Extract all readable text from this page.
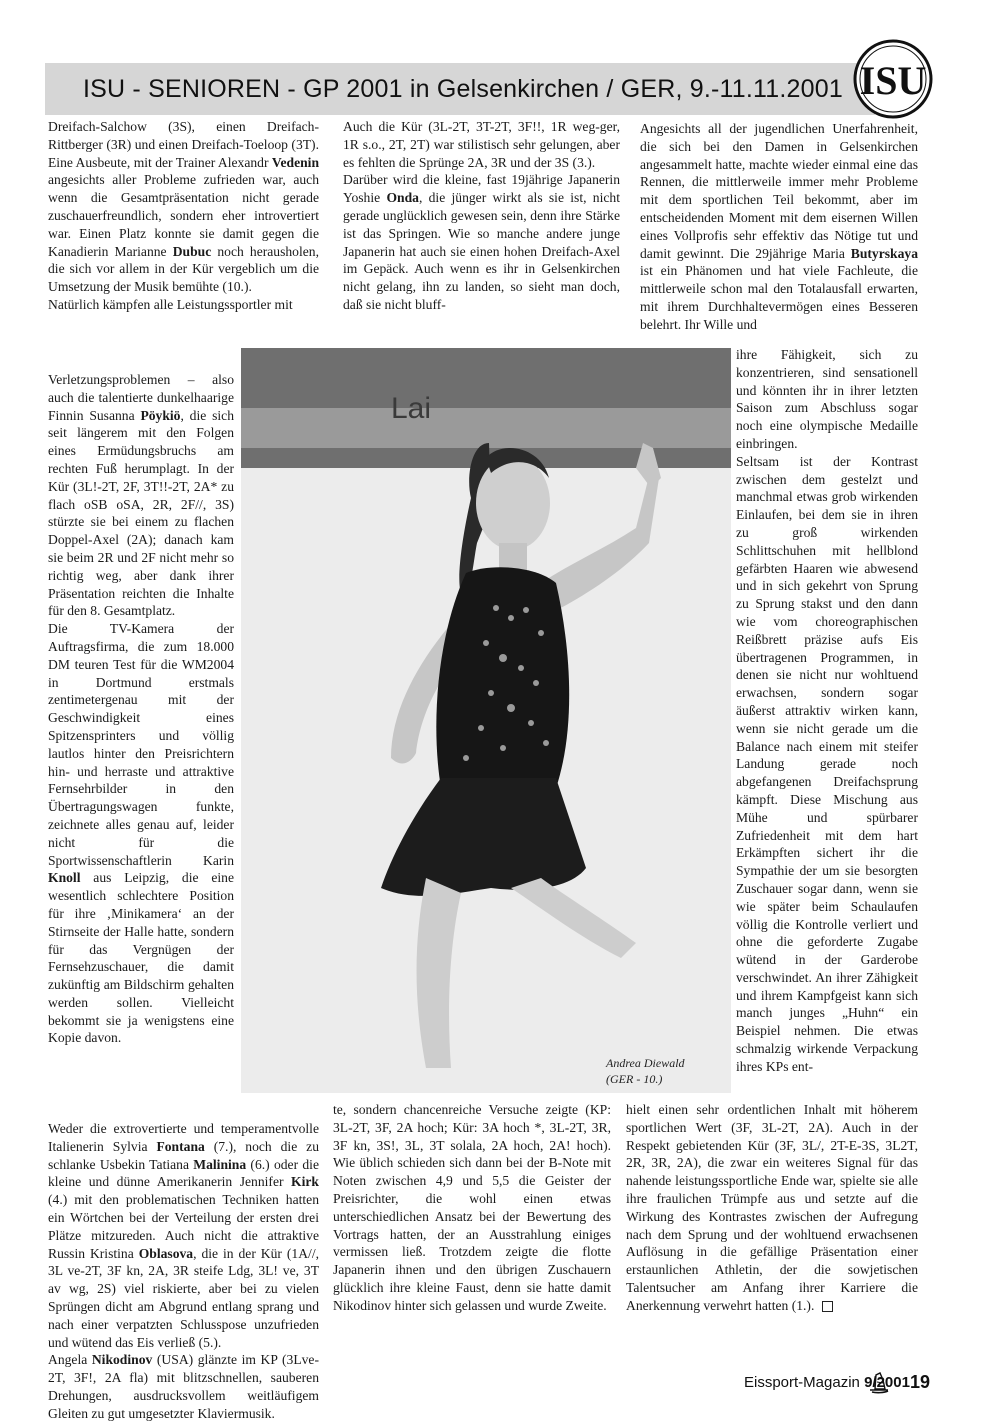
ISU - SENIOREN - GP 2001 in Gelsenkirchen / GER, 9.-11.11.2001 ISU

Dreifach-Salchow (3S), einen Dreifach-Rittberger (3R) und einen Dreifach-Toeloop (3T). Eine Ausbeute, mit der Trainer Alexandr Vedenin angesichts aller Probleme zufrieden war, auch wenn die Gesamtpräsentation nicht gerade zuschauerfreundlich, sondern eher introvertiert war. Einen Platz konnte sie damit gegen die Kanadierin Marianne Dubuc noch herausholen, die sich vor allem in der Kür vergeblich um die Umsetzung der Musik bemühte (10.).

Natürlich kämpfen alle Leistungssportler mit

Verletzungsproblemen – also auch die talentierte dunkelhaarige Finnin Susanna Pöykiö, die sich seit längerem mit den Folgen eines Ermüdungsbruchs am rechten Fuß herumplagt. In der Kür (3L!-2T, 2F, 3T!!-2T, 2A* zu flach oSB oSA, 2R, 2F//, 3S) stürzte sie bei einem zu flachen Doppel-Axel (2A); danach kam sie beim 2R und 2F nicht mehr so richtig weg, aber dank ihrer Präsentation reichten die Inhalte für den 8. Gesamtplatz.

Die TV-Kamera der Auftragsfirma, die zum 18.000 DM teuren Test für die WM2004 in Dortmund erstmals zentimetergenau mit der Geschwindigkeit eines Spitzensprinters und völlig lautlos hinter den Preisrichtern hin- und herraste und attraktive Fernsehrbilder in den Übertragungswagen funkte, zeichnete alles genau auf, leider nicht für die Sportwissenschaftlerin Karin Knoll aus Leipzig, die eine wesentlich schlechtere Position für ihre ‚Minikamera‘ an der Stirnseite der Halle hatte, sondern für das Vergnügen der Fernsehzuschauer, die damit zukünftig am Bildschirm gehalten werden sollen. Vielleicht bekommt sie ja wenigstens eine Kopie davon.

Auch die Kür (3L-2T, 3T-2T, 3F!!, 1R weg-ger, 1R s.o., 2T, 2T) war stilistisch sehr gelungen, aber es fehlten die Sprünge 2A, 3R und der 3S (3.).

Darüber wird die kleine, fast 19jährige Japanerin Yoshie Onda, die jünger wirkt als sie ist, nicht gerade unglücklich gewesen sein, denn ihre Stärke ist das Springen. Wie so manche andere junge Japanerin hat auch sie einen hohen Dreifach-Axel im Gepäck. Auch wenn es ihr in Gelsenkirchen nicht gelang, ihn zu landen, so sieht man doch, daß sie nicht bluff-

Angesichts all der jugendlichen Unerfahrenheit, die sich bei den Damen in Gelsenkirchen angesammelt hatte, machte wieder einmal eine das Rennen, die mittlerweile immer mehr Probleme mit dem sportlichen Teil bekommt, aber im entscheidenden Moment mit dem eisernen Willen eines Vollprofis sehr effektiv das Nötige tut und damit gewinnt. Die 29jährige Maria Butyrskaya ist ein Phänomen und hat viele Fachleute, die mittlerweile schon mal den Totalausfall erwarten, mit ihrem Durchhaltevermögen eines Besseren belehrt. Ihr Wille und

ihre Fähigkeit, sich zu konzentrieren, sind sensationell und könnten ihr in ihrer letzten Saison zum Abschluss sogar noch eine olympische Medaille einbringen.

Seltsam ist der Kontrast zwischen dem gestelzt und manchmal etwas grob wirkenden Einlaufen, bei dem sie in ihren zu groß wirkenden Schlittschuhen mit hellblond gefärbten Haaren wie abwesend und in sich gekehrt von Sprung zu Sprung stakst und den dann wie vom choreographischen Reißbrett präzise aufs Eis übertragenen Programmen, in denen sie nicht nur wohltuend erwachsen, sondern sogar äußerst attraktiv wirken kann, wenn sie nicht gerade um die Balance nach einem mit steifer Landung gerade noch abgefangenen Dreifachsprung kämpft. Diese Mischung aus Mühe und spürbarer Zufriedenheit mit dem hart Erkämpften sichert ihr die Sympathie der um sie besorgten Zuschauer sogar dann, wenn sie wie später beim Schaulaufen völlig die Kontrolle verliert und ohne die geforderte Zugabe wütend in der Garderobe verschwindet. An ihrer Zähigkeit und ihrem Kampfgeist kann sich manch junges „Huhn“ ein Beispiel nehmen. Die etwas schmalzig wirkende Verpackung ihres KPs ent-

Lai
Andrea Diewald
(GER - 10.)

Weder die extrovertierte und temperamentvolle Italienerin Sylvia Fontana (7.), noch die zu schlanke Usbekin Tatiana Malinina (6.) oder die kleine und dünne Amerikanerin Jennifer Kirk (4.) mit den problematischen Techniken hatten ein Wörtchen bei der Verteilung der ersten drei Plätze mitzureden. Auch nicht die attraktive Russin Kristina Oblasova, die in der Kür (1A//, 3L ve-2T, 3F kn, 2A, 3R steife Ldg, 3L! ve, 3T av wg, 2S) viel riskierte, aber bei zu vielen Sprüngen dicht am Abgrund entlang sprang und nach einer verpatzten Schlusspose unzufrieden und wütend das Eis verließ (5.).

Angela Nikodinov (USA) glänzte im KP (3Lve-2T, 3F!, 2A fla) mit blitzschnellen, sauberen Drehungen, ausdrucksvollem weitläufigem Gleiten zu gut umgesetzter Klaviermusik.

te, sondern chancenreiche Versuche zeigte (KP: 3L-2T, 3F, 2A hoch; Kür: 3A hoch *, 3L-2T, 3R, 3F kn, 3S!, 3L, 3T solala, 2A hoch, 2A! hoch). Wie üblich schieden sich dann bei der B-Note mit Noten zwischen 4,9 und 5,5 die Geister der Preisrichter, die wohl einen etwas unterschiedlichen Ansatz bei der Bewertung des Vortrags hatten, der an Ausstrahlung einiges vermissen ließ. Trotzdem zeigte die flotte Japanerin ihnen und den übrigen Zuschauern glücklich ihre kleine Faust, denn sie hatte damit Nikodinov hinter sich gelassen und wurde Zweite.

hielt einen sehr ordentlichen Inhalt mit höherem sportlichen Wert (3F, 3L-2T, 2A). Auch in der Respekt gebietenden Kür (3F, 3L/, 2T-E-3S, 3L2T, 2R, 3R, 2A), die zwar ein weiteres Signal für das nahende leistungssportliche Ende war, spielte sie alle ihre fraulichen Trümpfe aus und setzte auf die Wirkung des Kontrastes zwischen der Aufregung nach dem Sprung und der wohltuend erwachsenen Auflösung in die gefällige Präsentation einer erstaunlichen Athletin, der die sowjetischen Talentsucher am Anfang ihrer Karriere die Anerkennung verwehrt hatten (1.).

Eissport-Magazin 9/2001 19
